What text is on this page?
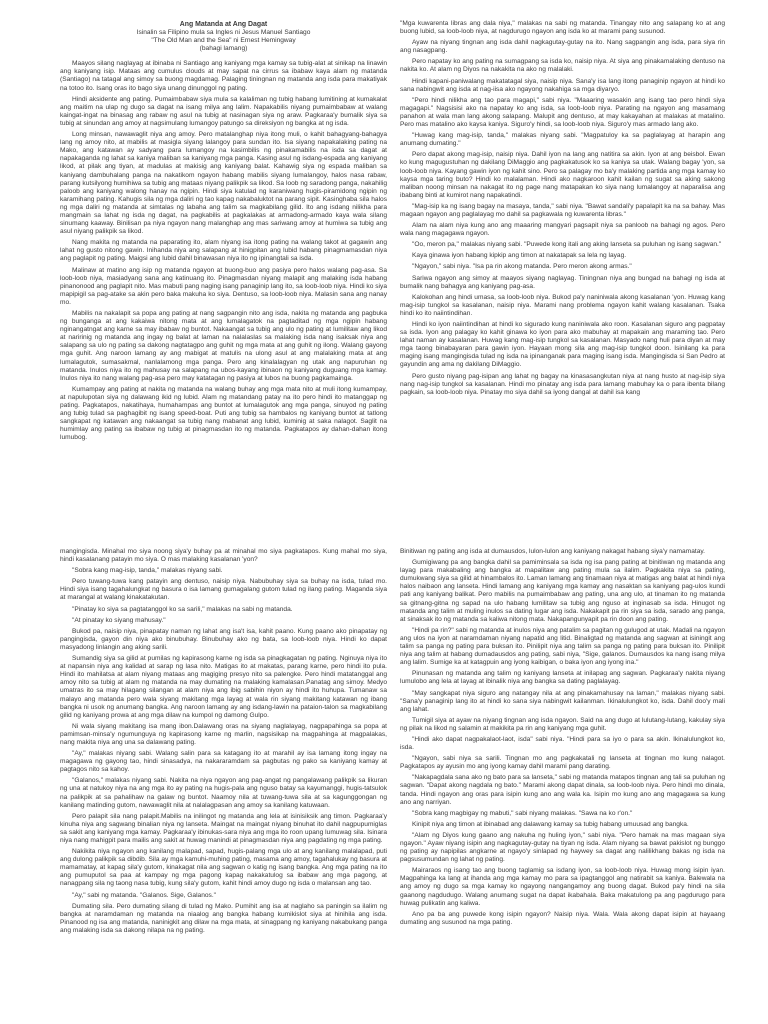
Ang Matanda at Ang Dagat
Isinalin sa Filipino mula sa Ingles ni Jesus Manuel Santiago
"The Old Man and the Sea" ni Ernest Hemingway
(bahagi lamang)

Maayos silang naglayag at ibinaba ni Santiago ang kaniyang mga kamay sa tubig-alat at sinikap na linawin ang kaniyang isip. Mataas ang cumulus clouds at may sapat na cirrus sa ibabaw kaya alam ng matanda (Santiago) na tatagal ang simoy sa buong magdamag. Palaging tiningnan ng matanda ang isda para makatiyak na totoo ito. Isang oras ito bago siya unang dinunggol ng pating.

Hindi aksidente ang pating. Pumaimbabaw siya mula sa kalaliman ng tubig habang lumitining at kumakalat ang maitim na ulap ng dugo sa dagat na isang milya ang lalim. Napakabilis niyang pumaimbabaw at walang kaingat-ingat na binasag ang rabaw ng asul na tubig at nasinagan siya ng araw. Pagkaraa'y bumalik siya sa tubig at sinundan ang amoy at nagsimulang lumangoy patungo sa direksiyon ng bangka at ng isda.

Long minsan, nawawaglit niya ang amoy. Pero matalanghap niya itong muli, o kahit bahagyang-bahagya lang ng amoy nito, at mabilis at masigla siyang lalangoy para sundan ito. Isa siyang napakalaking pating na Mako, ang katawan ay sadyang para lumangoy na kasimbilis ng pinakamabilis na isda sa dagat at napakaganda ng lahat sa kaniya maliban sa kaniyang mga panga. Kasing asul ng isdang-espada ang kaniyang likod, at pilak ang tiyan, at madulas at makisig ang kaniyang balat. Kahawig siya ng espada maliban sa kaniyang dambuhalang panga na nakatikom ngayon habang mabilis siyang lumalangoy, halos nasa rabaw, parang kutsilyong humihiwa sa tubig ang mataas niyang palikpik sa likod. Sa loob ng saradong panga, nakahilig paloob ang kaniyang walong hanay na ngipin. Hindi siya katulad ng karaniwang hugis-piramidong ngipin ng karamihang pating. Kahugis sila ng mga daliri ng tao kapag nakabaluktot na parang sipit. Kasinghaba sila halos ng mga daliri ng matanda at simtalas ng labaha ang talim sa magkabilang gilid. Ito ang isdang nilikha para mangmain sa lahat ng isda ng dagat, na pagkabilis at pagkalakas at armadong-armado kaya wala silang sinumang kaaway. Binilisan pa niya ngayon nang malanghap ang mas sariwang amoy at humiwa sa tubig ang asul niyang palikpik sa likod.

Nang makita ng matanda na paparating ito, alam niyang isa itong pating na walang takot at gagawin ang lahat ng gusto nitong gawin. Inihanda niya ang salapang at hinigpitan ang lubid habang pinagmamasdan niya ang paglapit ng pating. Maigsi ang lubid dahil binawasan niya ito ng ipinangtali sa isda.

Malinaw at matino ang isip ng matanda ngayon at buong-buo ang pasiya pero halos walang pag-asa. Sa loob-loob niya, masiadyang sana ang katinuang ito. Pinagmasdan niyang malapit ang malaking isda habang pinanonood ang paglapit nito. Mas mabuti pang naging isang panaginip lang ito, sa loob-loob niya. Hindi ko siya mapipigil sa pag-atake sa akin pero baka makuha ko siya. Dentuso, sa loob-loob niya. Malasin sana ang nanay mo.

Mabilis na nakalapit sa popa ang pating at nang sagpangin nito ang isda, nakita ng matanda ang pagbuka ng bunganga at ang kakaiwa nitong mata at ang lumalagatok na pagtaditad ng mga ngipin habang nginangatngat ang karne sa may ibabaw ng buntot. Nakaangat sa tubig ang ulo ng pating at lumilitaw ang likod at naririnig ng matanda ang ingay ng balat at laman na nalalaslas sa malaking isda nang isaksak niya ang salapang sa ulo ng pating sa dakong nagtatagpo ang guhit ng mga mata at ang guhit ng ilong. Walang gayong mga guhit. Ang naroon lamang ay ang mabigat at matulis na ulong asul at ang malalaking mata at ang lumalagutok, sumasakmal, nanlalamong mga panga. Pero ang kinalalagyan ng utak ang napuruhan ng matanda. Inulos niya ito ng mahusay na salapang na ubos-kayang ibinaon ng kaniyang duguang mga kamay. Inulos niya ito nang walang pag-asa pero may katatagan ng pasiya at lubos na buong pagkamainga.

Kumampay ang pating at nakita ng matanda na walang buhay ang mga mata nito at muli itong kumampay, at napulupotan siya ng dalawang ikid ng lubid. Alam ng matandang patay na ito pero hindi ito matanggap ng pating. Pagkatapos, nakatihaya, humahampas ang buntot at lumalagutok ang mga panga, sinuyod ng pating ang tubig tulad sa paghagibit ng isang speed-boat. Puti ang tubig sa hambalos ng kaniyang buntot at tatlong sangkapat ng katawan ang nakaangat sa tubig nang mabanat ang lubid, kuminig at saka nalagot. Saglit na humimlay ang pating sa ibabaw ng tubig at pinagmasdan ito ng matanda. Pagkatapos ay dahan-dahan itong lumubog.

"Mga kuwarenta libras ang dala niya," malakas na sabi ng matanda. Tinangay nito ang salapang ko at ang buong lubid, sa loob-loob niya, at nagdurugo ngayon ang isda ko at marami pang susunod.

Ayaw na niyang tingnan ang isda dahil nagkagutay-gutay na ito. Nang sagpangin ang isda, para siya rin ang nasagpang.

Pero napatay ko ang pating na sumagpang sa isda ko, naisip niya. At siya ang pinakamalaking dentuso na nakita ko. At alam ng Diyos na nakakita na ako ng malalaki.

Hindi kapani-paniwalang makatatagal siya, naisip niya. Sana'y isa lang itong panaginip ngayon at hindi ko sana nabingwit ang isda at nag-iisa ako ngayong nakahiga sa mga diyaryo.

"Pero hindi nilikha ang tao para magapi," sabi niya. "Maaaring wasakin ang isang tao pero hindi siya magagapi." Nagsisisi ako na napatay ko ang isda, sa loob-loob niya. Parating na ngayon ang masamang panahon at wala man lang akong salapang. Malupit ang dentuso, at may kakayahan at malakas at matalino. Pero mas matalino ako kaysa kaniya. Siguro'y hindi, sa loob-loob niya. Siguro'y mas armado lang ako.

"Huwag kang mag-isip, tanda," malakas niyang sabi. "Magpatuloy ka sa paglalayag at harapin ang anumang dumating."

Pero dapat akong mag-isip, naisip niya. Dahil iyon na lang ang natitira sa akin. Iyon at ang beisbol. Ewan ko kung magugustuhan ng dakilang DiMaggio ang pagkakatusok ko sa kaniya sa utak. Walang bagay 'yon, sa loob-loob niya. Kayang gawin iyon ng kahit sino. Pero sa palagay mo ba'y malaking partida ang mga kamay ko kaysa mga taring buto? Hindi ko malalaman. Hindi ako nagkaroon kahit kailan ng sugat sa aking sakong maliban noong minsan na nakagat ito ng page nang matapakan ko siya nang lumalangoy at naparalisa ang ibabang binti at kumirot nang napakatindi.

"Mag-isip ka ng isang bagay na masaya, tanda," sabi niya. "Bawat sandali'y papalapit ka na sa bahay. Mas magaan ngayon ang paglalayag mo dahil sa pagkawala ng kuwarenta libras."

Alam na alam niya kung ano ang maaaring mangyari pagsapit niya sa panloob na bahagi ng agos. Pero wala nang magagawa ngayon.

"Oo, meron pa," malakas niyang sabi. "Puwede kong itali ang aking lanseta sa puluhan ng isang sagwan."

Kaya ginawa iyon habang kipkip ang timon at nakatapak sa lela ng layag.

"Ngayon," sabi niya. "Isa pa rin akong matanda. Pero meron akong armas."

Sariwa ngayon ang simoy at maayos siyang naglayag. Tiningnan niya ang bungad na bahagi ng isda at bumalik nang bahagya ang kaniyang pag-asa.

Kalokohan ang hindi umasa, sa loob-loob niya. Bukod pa'y naniniwala akong kasalanan 'yon. Huwag kang mag-isip tungkol sa kasalanan, naisip niya. Marami nang problema ngayon kahit walang kasalanan. Tsaka hindi ko ito naiintindihan.

Hindi ko iyon naiintindihan at hindi ko sigurado kung naniniwala ako roon. Kasalanan siguro ang pagpatay sa isda. Iyon ang palagay ko kahit ginawa ko iyon para ako mabuhay at mapakain ang maraming tao. Pero lahat naman ay kasalanan. Huwag kang mag-isip tungkol sa kasalanan. Masyado nang huli para diyan at may mga taong binabayaran para gawin iyon. Hayaan mong sila ang mag-isip tungkol doon. Isinilang ka para maging isang mangingisda tulad ng isda na ipinanganak para maging isang isda. Mangingisda si San Pedro at gayundin ang ama ng dakilang DiMaggio.

Pero gusto niyang pag-isipan ang lahat ng bagay na kinasasangkutan niya at nang husto at nag-isip siya nang nag-isip tungkol sa kasalanan. Hindi mo pinatay ang isda para lamang mabuhay ka o para ibenta bilang pagkain, sa loob-loob niya. Pinatay mo siya dahil sa iyong dangal at dahil isa kang

mangingisda. Minahal mo siya noong siya'y buhay pa at minahal mo siya pagkatapos. Kung mahal mo siya, hindi kasalanang patayin mo siya. O mas malaking kasalanan 'yon?

"Sobra kang mag-isip, tanda," malakas niyang sabi.

Pero tuwang-tuwa kang patayin ang dentuso, naisip niya. Nabubuhay siya sa buhay na isda, tulad mo. Hindi siya isang tagahalungkat ng basura o isa lamang gumagalang gutom tulad ng ilang pating. Maganda siya at marangal at walang kinakatakutan.

"Pinatay ko siya sa pagtatanggol ko sa sarili," malakas na sabi ng matanda.

"At pinatay ko siyang mahusay."

Bukod pa, naisip niya, pinapatay naman ng lahat ang isa't isa, kahit paano. Kung paano ako pinapatay ng pangingisda, gayon din niya ako binubuhay. Binubuhay ako ng bata, sa loob-loob niya. Hindi ko dapat masyadong linlangin ang aking sarili.

Sumandig siya sa gilid at pumilas ng kapirasong karne ng isda sa pinagkagatan ng pating. Nginuya niya ito at napansin niya ang kalidad at sarap ng lasa nito. Matigas ito at makatas, parang karne, pero hindi ito pula. Hindi ito mahilatsa at alam niyang mataas ang magiging presyo nito sa palengke. Pero hindi matatanggal ang amoy nito sa tubig at alam ng matanda na may dumating na malaking kamalasan.Panatag ang simoy. Medyo umatras ito sa may hilagang silangan at alam niya ang ibig sabihin niyon ay hindi ito huhupa. Tumanaw sa malayo ang matanda pero wala siyang makitang mga layag at wala rin siyang makitang katawan ng ibang bangka ni usok ng anumang bangka. Ang naroon lamang ay ang isdang-lawin na pataion-talon sa magkabilang gilid ng kaniyang prowa at ang mga dilaw na kumpol ng damong Gulpo.

Ni wala siyang makitang isa mang ibon.Dalawang oras na siyang naglalayag, nagpapahinga sa popa at pamimsan-minsa'y ngumunguya ng kapirasong karne ng marlin, nagsisikap na magpahinga at magpalakas, nang makita niya ang una sa dalawang pating.

"Ay," malakas niyang sabi. Walang salin para sa katagang ito at marahil ay isa lamang itong ingay na magagawa ng gayong tao, hindi sinasadya, na nakararamdam sa pagbutas ng pako sa kaniyang kamay at pagtagos nito sa kahoy.

"Galanos," malakas niyang sabi. Nakita na niya ngayon ang pag-angat ng pangalawang palikpik sa likuran ng una at natukoy niya na ang mga ito ay pating na hugis-pala ang nguso batay sa kayumanggi, hugis-tatsulok na palikpik at sa pahalihaw na galaw ng buntot. Naamoy nila at tuwang-tuwa sila at sa kagunggongan ng kanilang matinding gutom, nawawaglit nila at nalalagpasan ang amoy sa kanilang katuwaan.

Pero palapit sila nang palapit.Mabilis na inilingot ng matanda ang lela at isinisiksik ang timon. Pagkaraa'y kinuha niya ang sagwang binalian niya ng lanseta. Maingat na maingat niyang binuhat ito dahil nagpupumiglas sa sakit ang kaniyang mga kamay. Pagkaraa'y ibinukas-sara niya ang mga ito roon upang lumuwag sila. Isinara niya nang mahigpit para mailis ang sakit at huwag manindi at pinagmasdan niya ang pagdating ng mga pating.

Nakikita niya ngayon ang kanilang malapad, sapad, hugis-palang mga ulo at ang kanilang malalapad, puti ang dulong palikpik sa dibdib. Sila ay mga kamuhi-muhing pating, masama ang amoy, tagahalukay ng basura at mamamatay, at kapag sila'y gutom, kinakagat nila ang sagwan o katig ng isang bangka. Ang mga pating na ito ang pumuputol sa paa at kampay ng mga pagong kapag nakakatulog sa ibabaw ang mga pagong, at nanagpang sila ng taong nasa tubig, kung sila'y gutom, kahit hindi amoy dugo ng isda o malansan ang tao.

"Ay," sabi ng matanda. "Galanos. Sige, Galanos."

Dumating sila. Pero dumating silang di tulad ng Mako. Pumihit ang isa at naglaho sa paningin sa ilalim ng bangka at naramdaman ng matanda na niaalog ang bangka habang kumikislot siya at hinihila ang isda. Pinanood ng isa ang matanda, naninigkit ang dilaw na mga mata, at sinagpang ng kaniyang nakabukang panga ang malaking isda sa dakong nilapa na ng pating.

Binitiwan ng pating ang isda at dumausdos, lulon-lulon ang kaniyang nakagat habang siya'y namamatay.

Gumigiwang pa ang bangka dahil sa pamiminsala sa isda ng isa pang pating at binitiwan ng matanda ang layag para makabaling ang bangka at mapalitaw ang pating mula sa ilalim. Pagkakita niya sa pating, dumukwang siya sa gilid at hinambalos ito. Laman lamang ang tinamaan niya at matigas ang balat at hindi niya halos naibaon ang lanseta. Hindi lamang ang kaniyang mga kamay ang nasaktan sa kaniyang pag-ulos kundi pati ang kaniyang balikat. Pero mabilis na pumaimbabaw ang pating, una ang ulo, at tinaman ito ng matanda sa gitnang-gitna ng sapad na ulo habang lumilitaw sa tubig ang nguso at inginasab sa isda. Hinugot ng matanda ang talim at muling inulos sa dating lugar ang isda. Nakakapit pa rin siya sa isda, sarado ang panga, at sinaksak ito ng matanda sa kaliwa nitong mata. Nakapangunyapit pa rin doon ang pating.

"Hindi pa rin?" sabi ng matanda at inulos niya ang patalim sa pagitan ng gulugod at utak. Madali na ngayon ang ulos na iyon at naramdaman niyang napatid ang litid. Binaligtad ng matanda ang sagwan at isiningit ang talim sa panga ng pating para buksan ito. Pinilipit niya ang talim sa panga ng pating para buksan ito. Pinilipit niya ang talim at habang dumadausdos ang pating, sabi niya, "Sige, galanos. Dumausdos ka nang isang milya ang lalim. Sumige ka at katagpuin ang iyong kaibigan, o baka iyon ang iyong ina."

Pinunasan ng matanda ang talim ng kaniyang lanseta at inilapag ang sagwan. Pagkaraa'y nakita niyang lumulobo ang lela at layag at ibinalik niya ang bangka sa dating paglalayag.

"May sangkapat niya siguro ang natangay nila at ang pinakamahusay na laman," malakas niyang sabi. "Sana'y panaginip lang ito at hindi ko sana siya nabingwit kailanman. Ikinalulungkot ko, isda. Dahil doo'y mali ang lahat.

Tumigil siya at ayaw na niyang tingnan ang isda ngayon. Said na ang dugo at lulutang-lutang, kakulay siya ng pilak na likod ng salamin at makikita pa rin ang kaniyang mga guhit.

"Hindi ako dapat nagpakalaot-laot, isda" sabi niya. "Hindi para sa iyo o para sa akin. Ikinalulungkot ko, isda.

"Ngayon, sabi niya sa sarili. Tingnan mo ang pagkakatali ng lanseta at tingnan mo kung nalagot. Pagkatapos ay ayusin mo ang iyong kamay dahil marami pang darating.

"Nakapagdala sana ako ng bato para sa lanseta," sabi ng matanda matapos tingnan ang tali sa puluhan ng sagwan. "Dapat akong nagdala ng bato." Marami akong dapat dinala, sa loob-loob niya. Pero hindi mo dinala, tanda. Hindi ngayon ang oras para isipin kung ano ang wala ka. Isipin mo kung ano ang magagawa sa kung ano ang narriyan.

"Sobra kang magbigay ng mabuti," sabi niyang malakas. "Sawa na ko r'on."

Kinipit niya ang timon at ibinabad ang dalawang kamay sa tubig habang umuusad ang bangka.

"Alam ng Diyos kung gaano ang nakuha ng huling iyon," sabi niya. "Pero hamak na mas magaan siya ngayon." Ayaw niyang isipin ang nagkagutay-gutay na tiyan ng isda. Alam niyang sa bawat pakislot ng bunggo ng pating ay napipilas angkarne at ngayo'y sinlapad ng haywey sa dagat ang nalilikhang bakas ng isda na pagsusumundan ng lahat ng pating.

Mairaraos ng isang tao ang buong taglamig sa isdang iyon, sa loob-loob niya. Huwag mong isipin iyan. Magpahinga ka lang at ihanda ang mga kamay mo para sa ipagtanggol ang natirabit sa kaniya. Balewala na ang amoy ng dugo sa mga kamay ko ngayong nangangamoy ang buong dagat. Bukod pa'y hindi na sila gaanong nagdudugo. Walang anumang sugat na dapat ikabahala. Baka makatulong pa ang pagdurugo para huwag pulikatin ang kaliwa.

Ano pa ba ang puwede kong isipin ngayon? Naisip niya. Wala. Wala akong dapat isipin at hayaang dumating ang susunod na mga pating.
